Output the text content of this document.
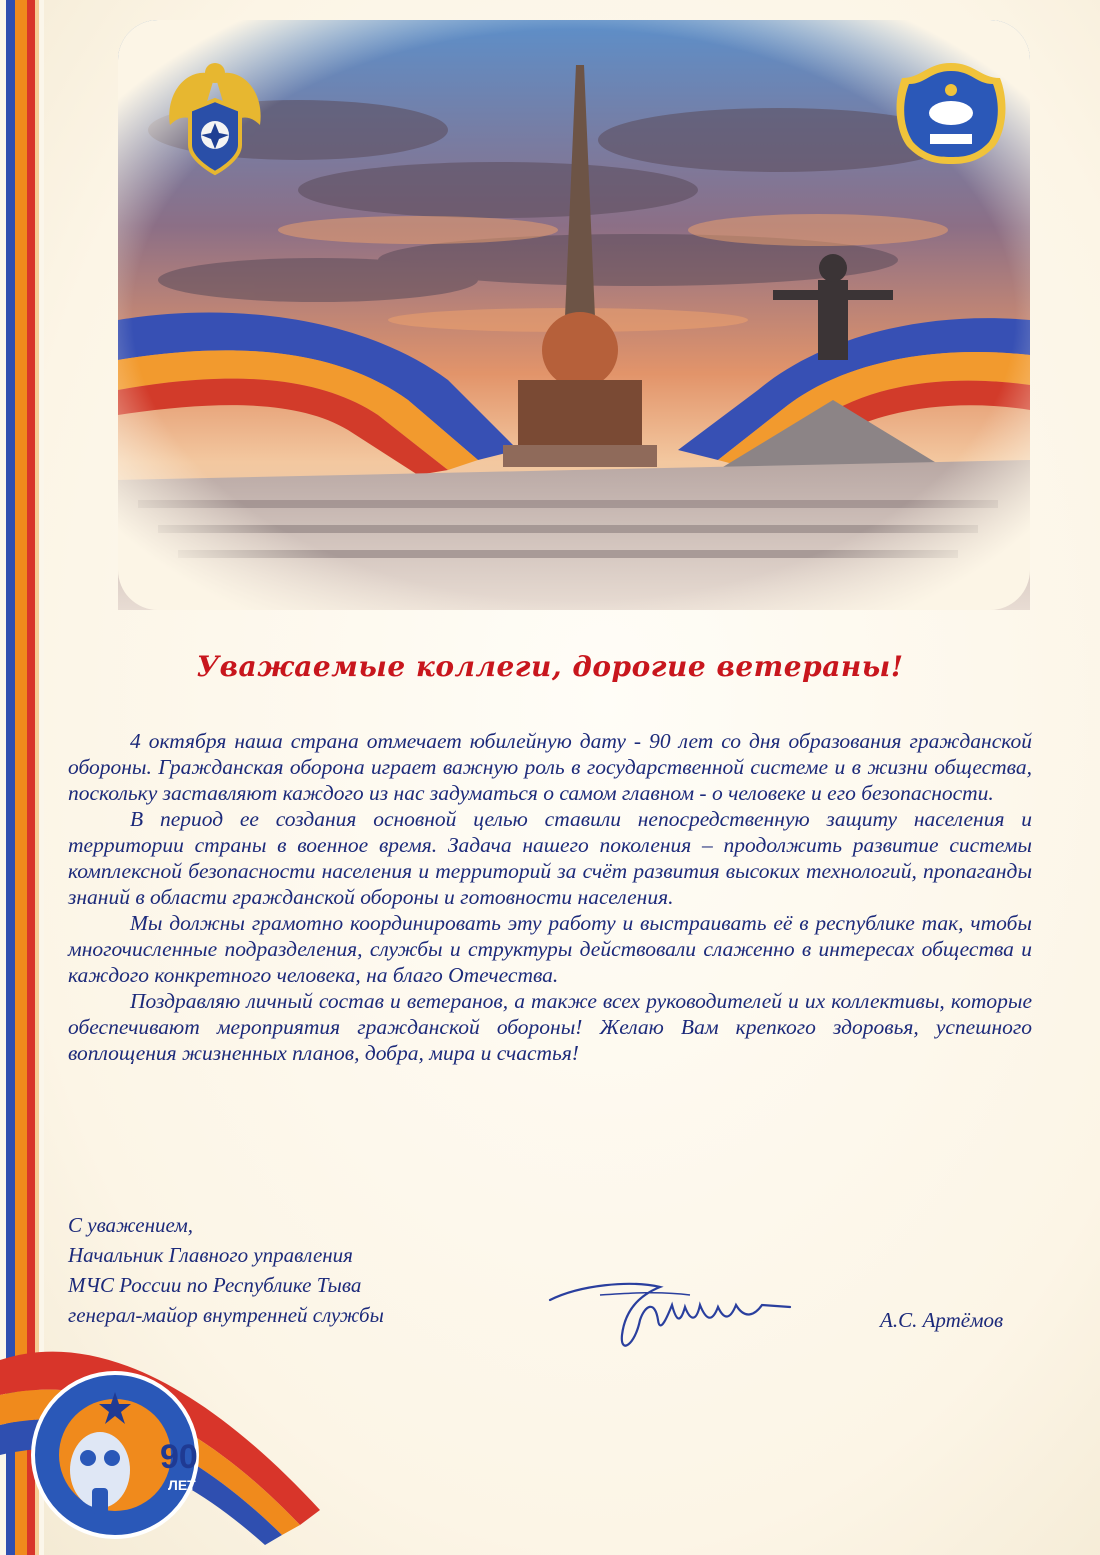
Уважаемые коллеги, дорогие ветераны!

4 октября наша страна отмечает юбилейную дату - 90 лет со дня образования гражданской обороны. Гражданская оборона играет важную роль в государственной системе и в жизни общества, поскольку заставляют каждого из нас задуматься о самом главном - о человеке и его безопасности.

В период ее создания основной целью ставили непосредственную защиту населения и территории страны в военное время. Задача нашего поколения – продолжить развитие системы комплексной безопасности населения и территорий за счёт развития высоких технологий, пропаганды знаний в области гражданской обороны и готовности населения.

Мы должны грамотно координировать эту работу и выстраивать её в республике так, чтобы многочисленные подразделения, службы и структуры действовали слаженно в интересах общества и каждого конкретного человека, на благо Отечества.

Поздравляю личный состав и ветеранов, а также всех руководителей и их коллективы, которые обеспечивают мероприятия гражданской обороны! Желаю Вам крепкого здоровья, успешного воплощения жизненных планов, добра, мира и счастья!

С уважением,
Начальник Главного управления
МЧС России по Республике Тыва
генерал-майор внутренней службы	А.С. Артёмов
90
ЛЕТ
